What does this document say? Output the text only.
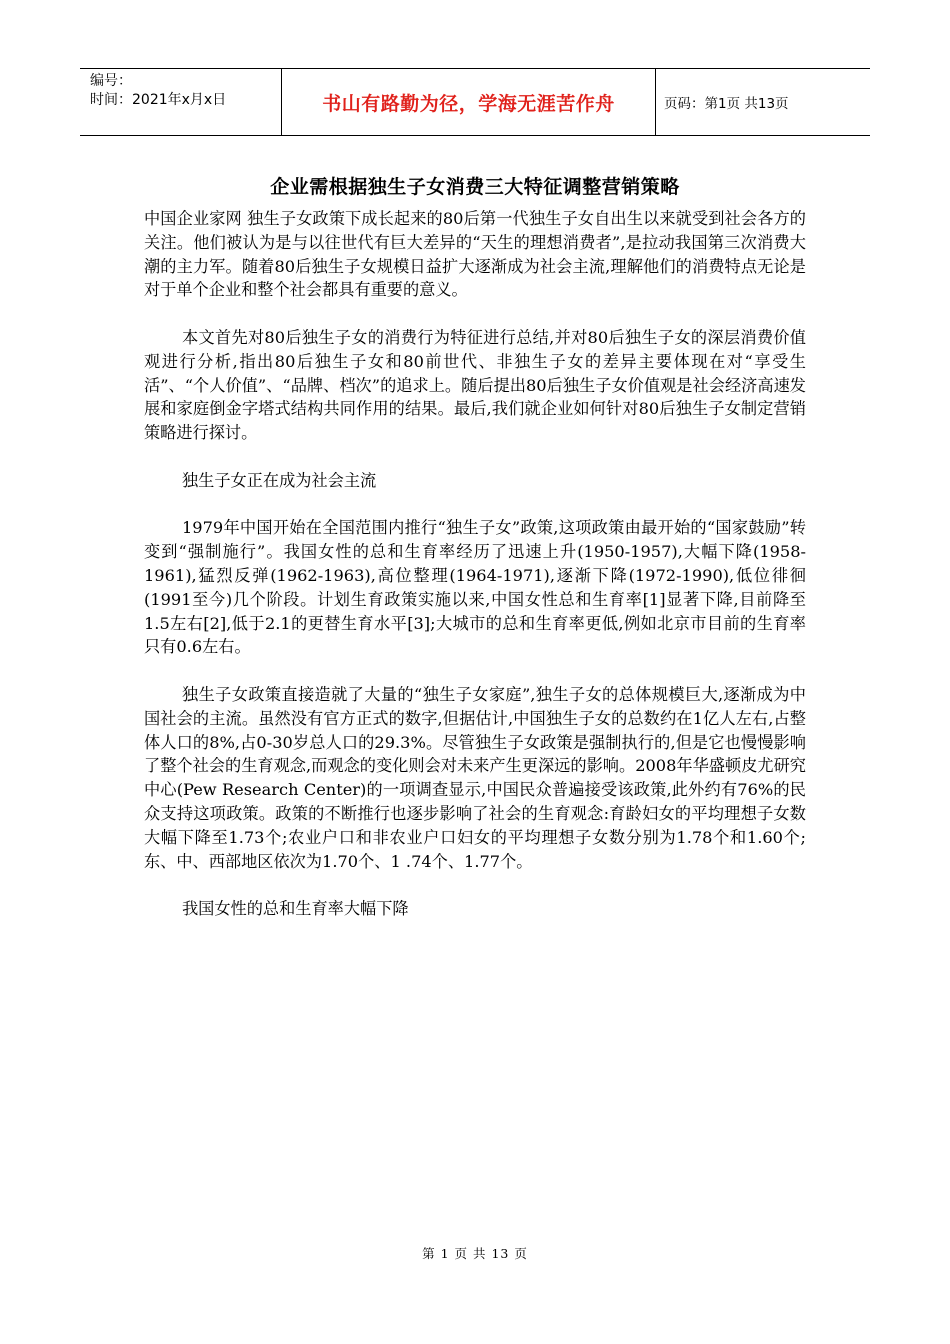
编号：
时间：2021年x月x日	书山有路勤为径，学海无涯苦作舟	页码：第1页 共13页
企业需根据独生子女消费三大特征调整营销策略

中国企业家网 独生子女政策下成长起来的80后第一代独生子女自出生以来就受到社会各方的关注。他们被认为是与以往世代有巨大差异的“天生的理想消费者”,是拉动我国第三次消费大潮的主力军。随着80后独生子女规模日益扩大逐渐成为社会主流,理解他们的消费特点无论是对于单个企业和整个社会都具有重要的意义。

本文首先对80后独生子女的消费行为特征进行总结,并对80后独生子女的深层消费价值观进行分析,指出80后独生子女和80前世代、非独生子女的差异主要体现在对“享受生活”、“个人价值”、“品牌、档次”的追求上。随后提出80后独生子女价值观是社会经济高速发展和家庭倒金字塔式结构共同作用的结果。最后,我们就企业如何针对80后独生子女制定营销策略进行探讨。

独生子女正在成为社会主流

1979年中国开始在全国范围内推行“独生子女”政策,这项政策由最开始的“国家鼓励”转变到“强制施行”。我国女性的总和生育率经历了迅速上升(1950-1957),大幅下降(1958-1961),猛烈反弹(1962-1963),高位整理(1964-1971),逐渐下降(1972-1990),低位徘徊(1991至今)几个阶段。计划生育政策实施以来,中国女性总和生育率[1]显著下降,目前降至1.5左右[2],低于2.1的更替生育水平[3];大城市的总和生育率更低,例如北京市目前的生育率只有0.6左右。

独生子女政策直接造就了大量的“独生子女家庭”,独生子女的总体规模巨大,逐渐成为中国社会的主流。虽然没有官方正式的数字,但据估计,中国独生子女的总数约在1亿人左右,占整体人口的8%,占0-30岁总人口的29.3%。尽管独生子女政策是强制执行的,但是它也慢慢影响了整个社会的生育观念,而观念的变化则会对未来产生更深远的影响。2008年华盛顿皮尤研究中心(Pew Research Center)的一项调查显示,中国民众普遍接受该政策,此外约有76%的民众支持这项政策。政策的不断推行也逐步影响了社会的生育观念:育龄妇女的平均理想子女数大幅下降至1.73个;农业户口和非农业户口妇女的平均理想子女数分别为1.78个和1.60个;东、中、西部地区依次为1.70个、1 .74个、1.77个。

我国女性的总和生育率大幅下降

第 1 页 共 13 页
